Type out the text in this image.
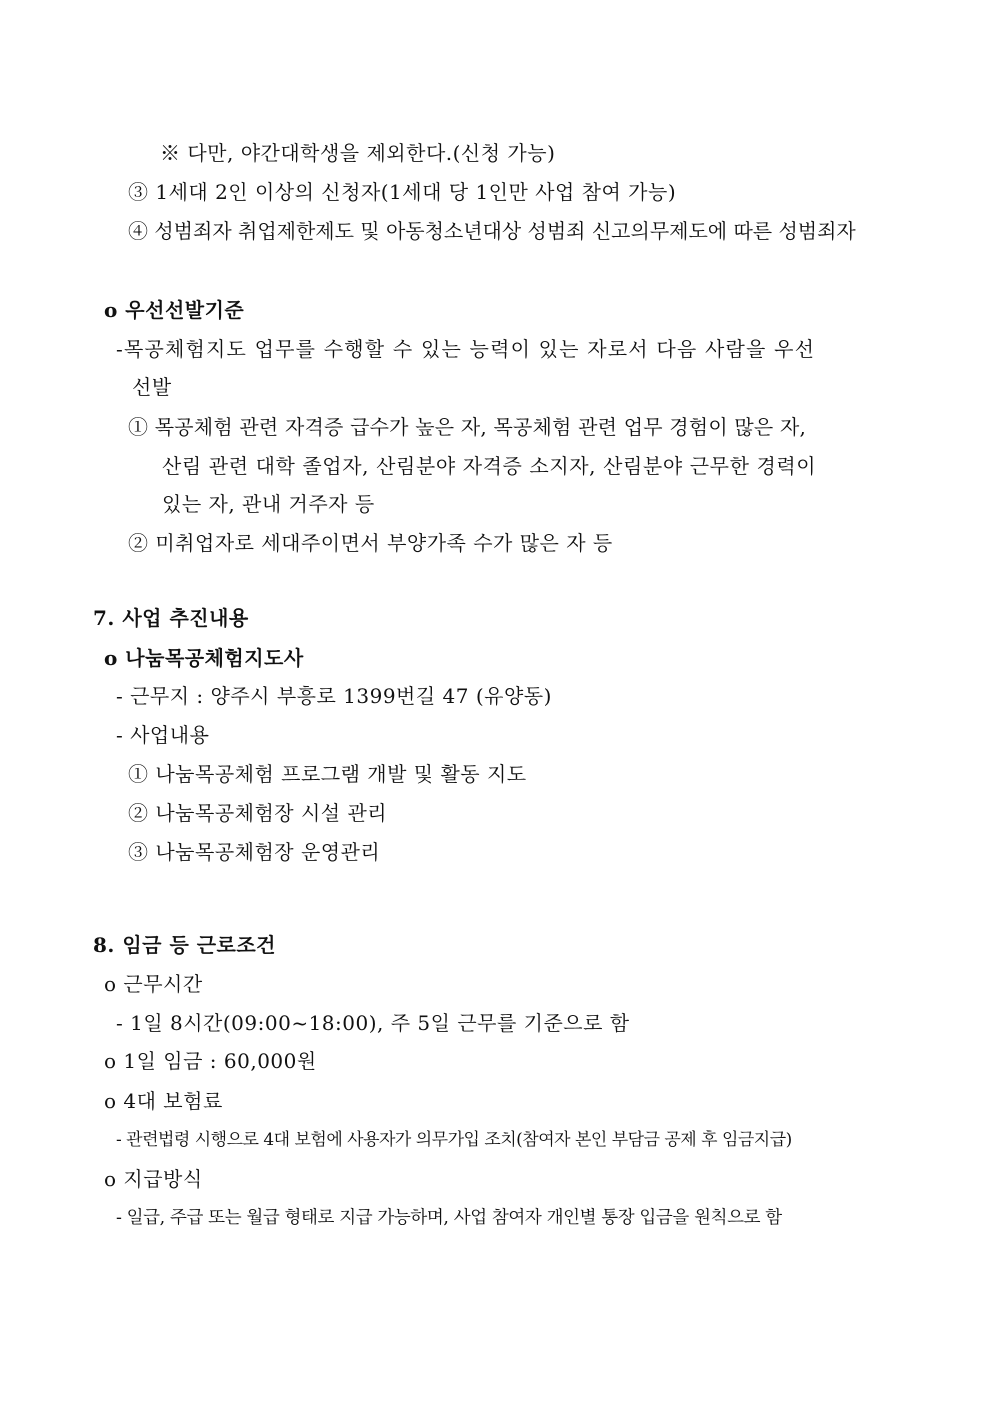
※ 다만, 야간대학생을 제외한다.(신청 가능)
③ 1세대 2인 이상의 신청자(1세대 당 1인만 사업 참여 가능)
④ 성범죄자 취업제한제도 및 아동청소년대상 성범죄 신고의무제도에 따른 성범죄자
o 우선선발기준
-목공체험지도 업무를 수행할 수 있는 능력이 있는 자로서 다음 사람을 우선
선발
① 목공체험 관련 자격증 급수가 높은 자, 목공체험 관련 업무 경험이 많은 자,
산림 관련 대학 졸업자, 산림분야 자격증 소지자, 산림분야 근무한 경력이
있는 자, 관내 거주자 등
② 미취업자로 세대주이면서 부양가족 수가 많은 자 등
7. 사업 추진내용
o 나눔목공체험지도사
- 근무지 : 양주시 부흥로 1399번길 47 (유양동)
- 사업내용
① 나눔목공체험 프로그램 개발 및 활동 지도
② 나눔목공체험장 시설 관리
③ 나눔목공체험장 운영관리
8. 임금 등 근로조건
o 근무시간
- 1일 8시간(09:00~18:00), 주 5일 근무를 기준으로 함
o 1일 임금 : 60,000원
o 4대 보험료
- 관련법령 시행으로 4대 보험에 사용자가 의무가입 조치(참여자 본인 부담금 공제 후 임금지급)
o 지급방식
- 일급, 주급 또는 월급 형태로 지급 가능하며, 사업 참여자 개인별 통장 입금을 원칙으로 함
